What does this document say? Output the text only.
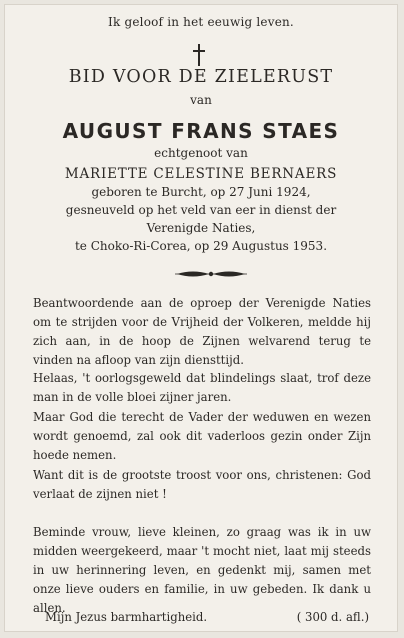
Ik geloof in het eeuwig leven.
BID VOOR DE ZIELERUST
van
AUGUST FRANS STAES
echtgenoot van
MARIETTE CELESTINE BERNAERS
geboren te Burcht, op 27 Juni 1924,
gesneuveld op het veld van eer in dienst der
Verenigde Naties,
te Choko-Ri-Corea, op 29 Augustus 1953.
Beantwoordende aan de oproep der Verenigde Naties om te strijden voor de Vrijheid der Volkeren, meldde hij zich aan, in de hoop de Zijnen welvarend terug te vinden na afloop van zijn diensttijd.
Helaas, 't oorlogsgeweld dat blindelings slaat, trof deze man in de volle bloei zijner jaren.
Maar God die terecht de Vader der weduwen en wezen wordt genoemd, zal ook dit vaderloos gezin onder Zijn hoede nemen.
Want dit is de grootste troost voor ons, christenen: God verlaat de zijnen niet !
Beminde vrouw, lieve kleinen, zo graag was ik in uw midden weergekeerd, maar 't mocht niet, laat mij steeds in uw herinnering leven, en gedenkt mij, samen met onze lieve ouders en familie, in uw gebeden. Ik dank u allen.
Mijn Jezus barmhartigheid.	( 300 d. afl.)
